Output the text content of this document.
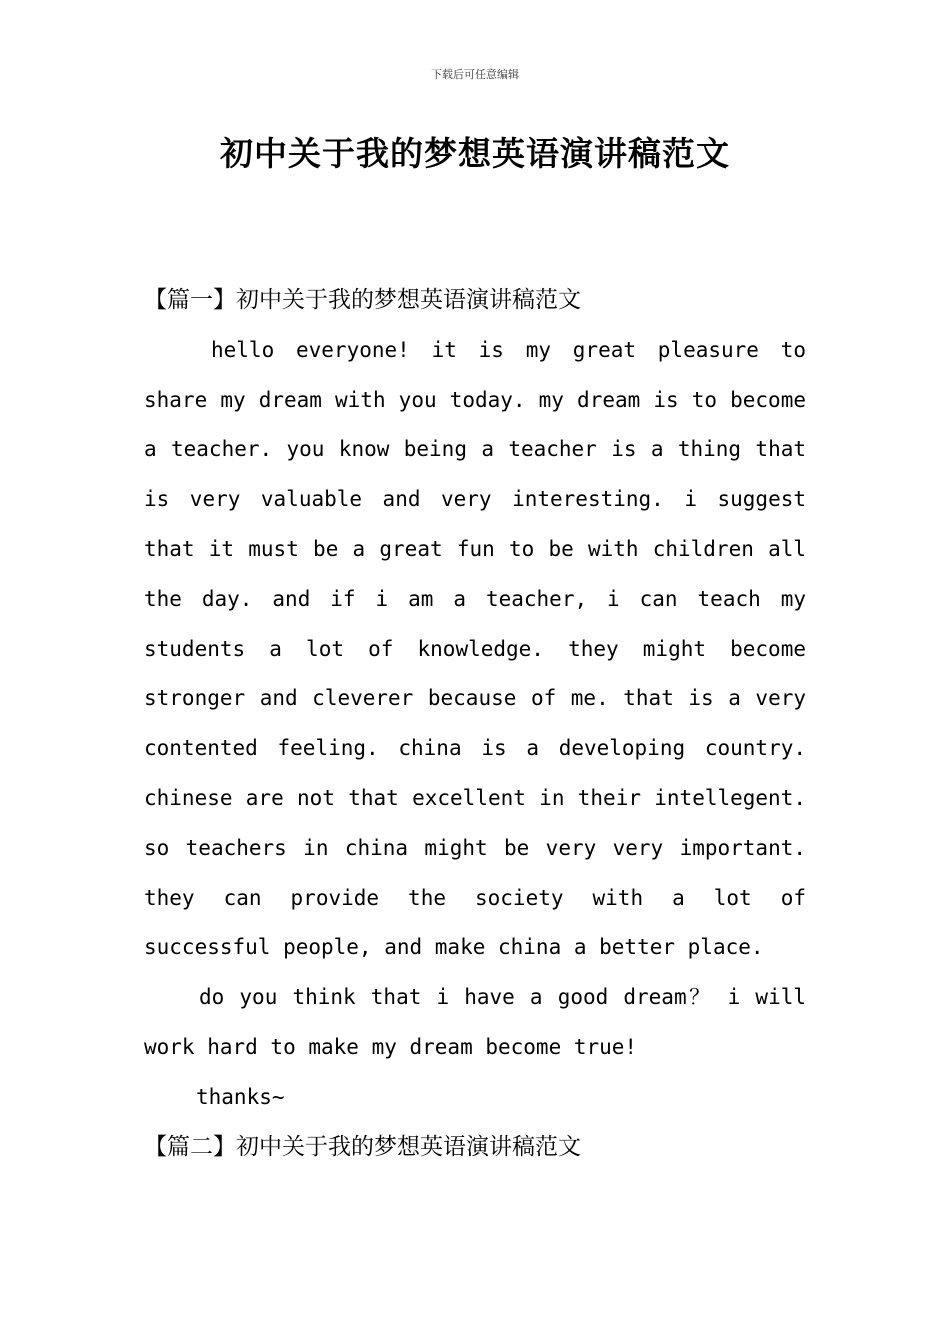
下载后可任意编辑
初中关于我的梦想英语演讲稿范文
【篇一】初中关于我的梦想英语演讲稿范文

hello everyone! it is my great pleasure to share my dream with you today. my dream is to become a teacher. you know being a teacher is a thing that is very valuable and very interesting. i suggest that it must be a great fun to be with children all the day. and if i am a teacher, i can teach my students a lot of knowledge. they might become stronger and cleverer because of me. that is a very contented feeling. china is a developing country. chinese are not that excellent in their intellegent. so teachers in china might be very very important. they can provide the society with a lot of successful people, and make china a better place.

do you think that i have a good dream？ i will work hard to make my dream become true!

thanks~

【篇二】初中关于我的梦想英语演讲稿范文
